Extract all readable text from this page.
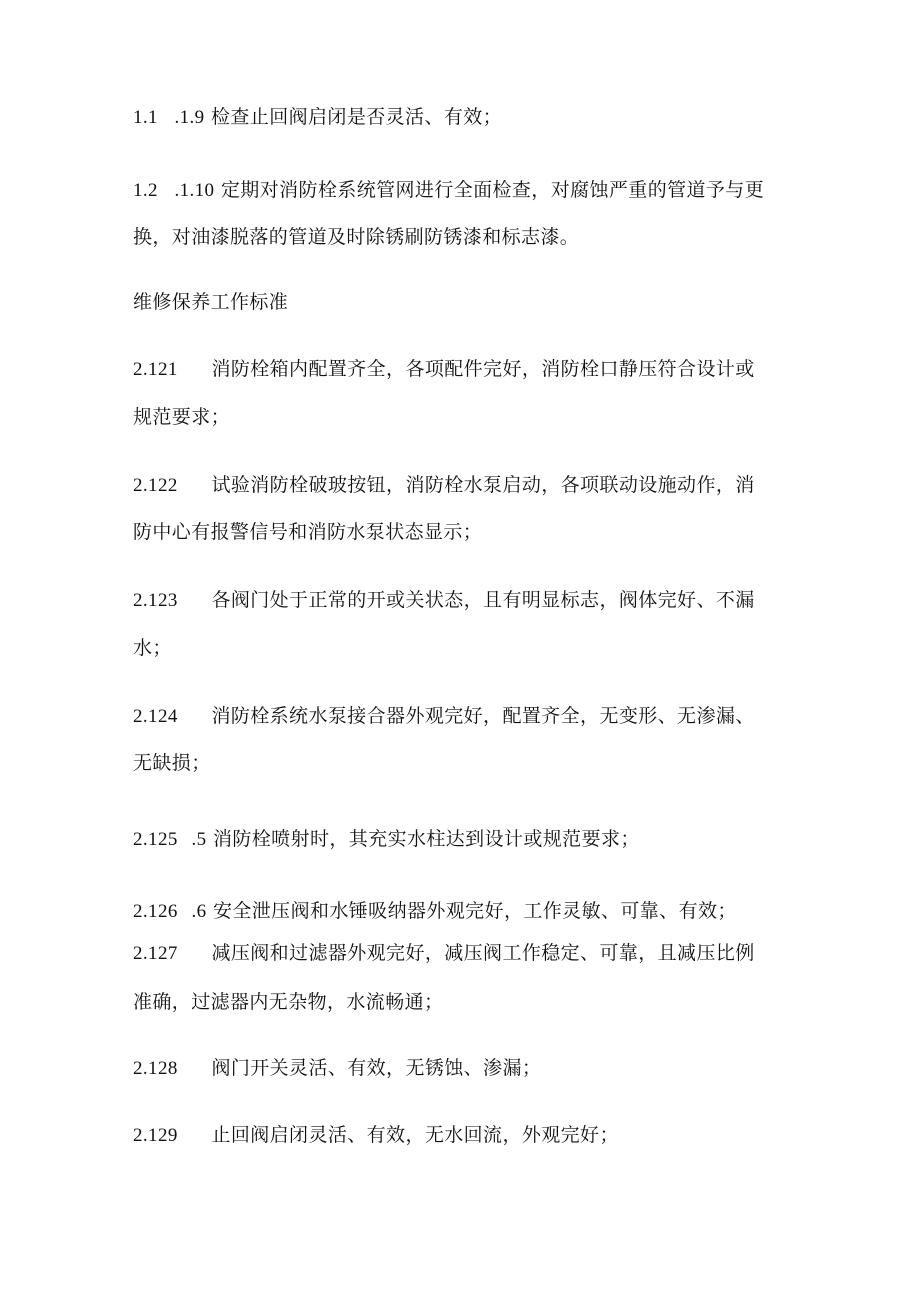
1.1 .1.9 检查止回阀启闭是否灵活、有效；
1.2 .1.10 定期对消防栓系统管网进行全面检查，对腐蚀严重的管道予与更
换，对油漆脱落的管道及时除锈刷防锈漆和标志漆。
维修保养工作标准
2.121 消防栓箱内配置齐全，各项配件完好，消防栓口静压符合设计或
规范要求；
2.122 试验消防栓破玻按钮，消防栓水泵启动，各项联动设施动作，消
防中心有报警信号和消防水泵状态显示；
2.123 各阀门处于正常的开或关状态，且有明显标志，阀体完好、不漏
水；
2.124 消防栓系统水泵接合器外观完好，配置齐全，无变形、无渗漏、
无缺损；
2.125 .5 消防栓喷射时，其充实水柱达到设计或规范要求；
2.126 .6 安全泄压阀和水锤吸纳器外观完好，工作灵敏、可靠、有效；
2.127 减压阀和过滤器外观完好，减压阀工作稳定、可靠，且减压比例
准确，过滤器内无杂物，水流畅通；
2.128 阀门开关灵活、有效，无锈蚀、渗漏；
2.129 止回阀启闭灵活、有效，无水回流，外观完好；
